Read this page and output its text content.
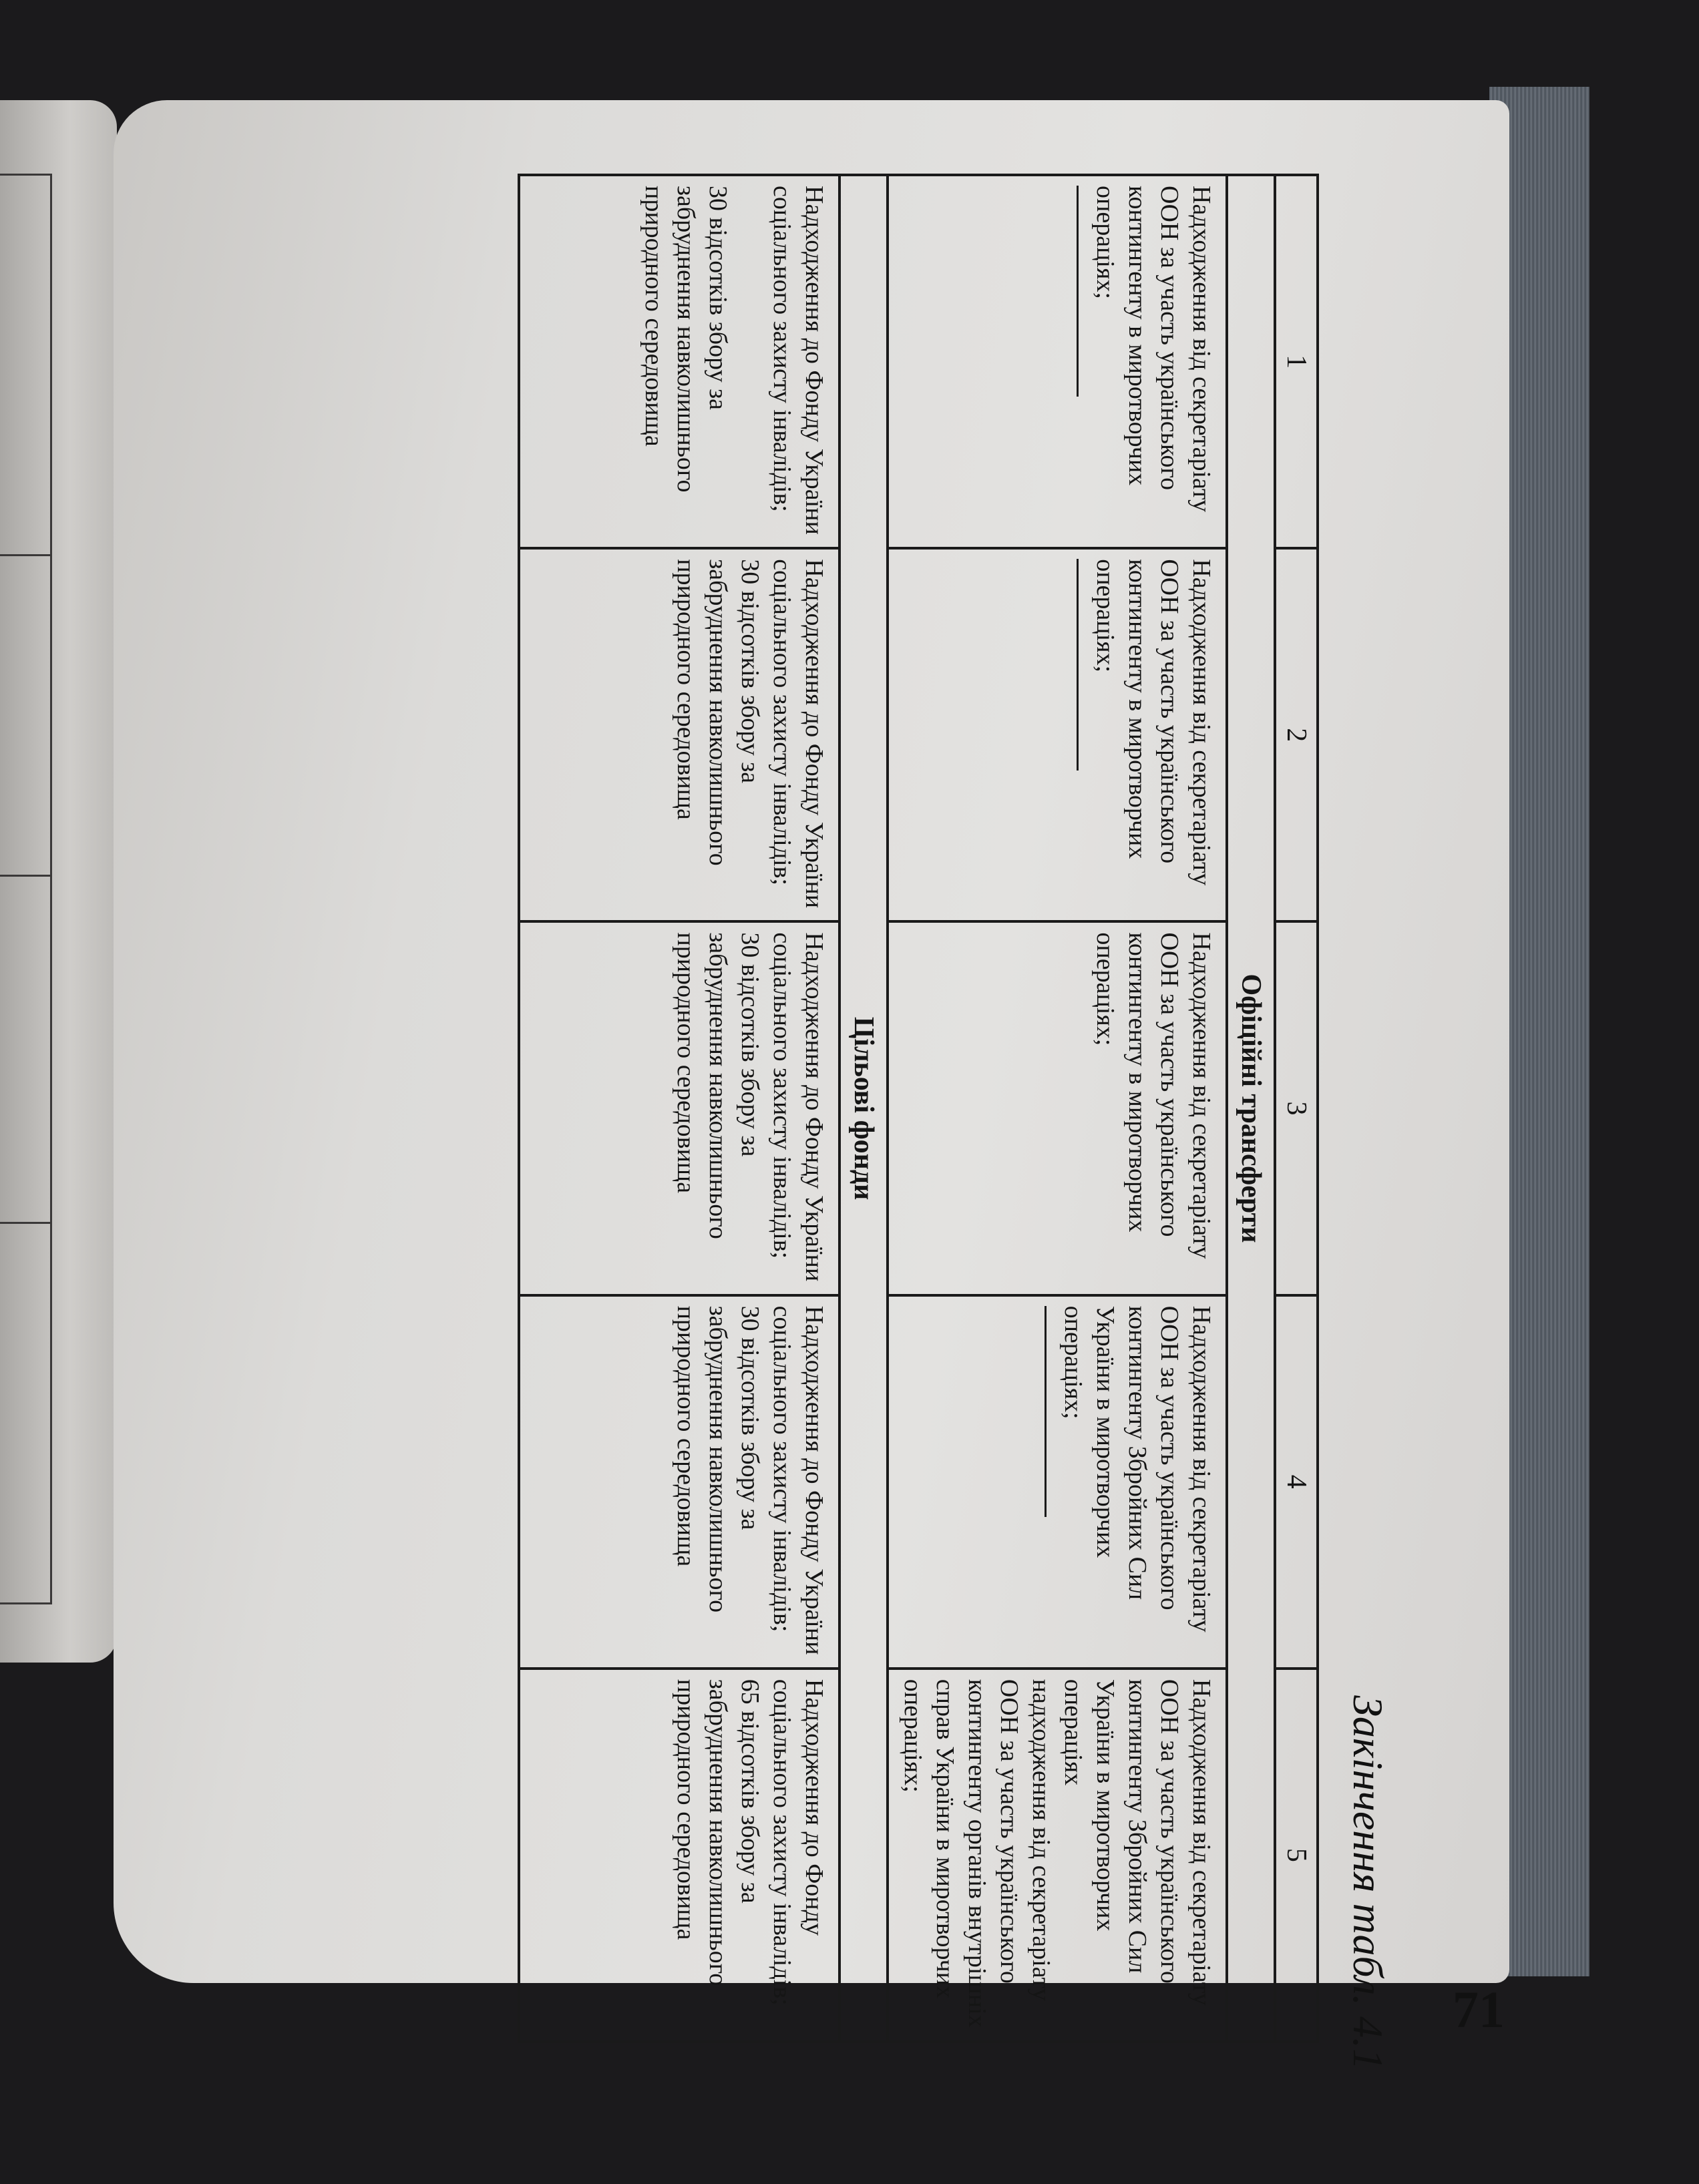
71
Закінчення табл. 4.1
1	2	3	4	5
Офіційні трансферти				

Надходження від секретаріату ООН за участь українського контингенту в миротворчих операціях;	Надходження від секретаріату ООН за участь українського контингенту в миротворчих операціях;	Надходження від секретаріату ООН за участь українського контингенту в миротворчих операціях;	Надходження від секретаріату ООН за участь українського контингенту Збройних Сил України в миротворчих операціях;	Надходження від секретаріату ООН за участь українського контингенту Збройних Сил України в миротворчих операціях
надходження від секретаріату ООН за участь українського контингенту органів внутрішніх справ України в миротворчих операціях;

Цільові фонди				

Надходження до Фонду України соціального захисту інвалідів;
30 відсотків збору за забруднення навколишнього природного середовища	Надходження до Фонду України соціального захисту інвалідів;
30 відсотків збору за забруднення навколишнього природного середовища	Надходження до Фонду України соціального захисту інвалідів;
30 відсотків збору за забруднення навколишнього природного середовища	Надходження до Фонду України соціального захисту інвалідів;
30 відсотків збору за забруднення навколишнього природного середовища	Надходження до Фонду соціального захисту інвалідів;
65 відсотків збору за забруднення навколишнього природного середовища
